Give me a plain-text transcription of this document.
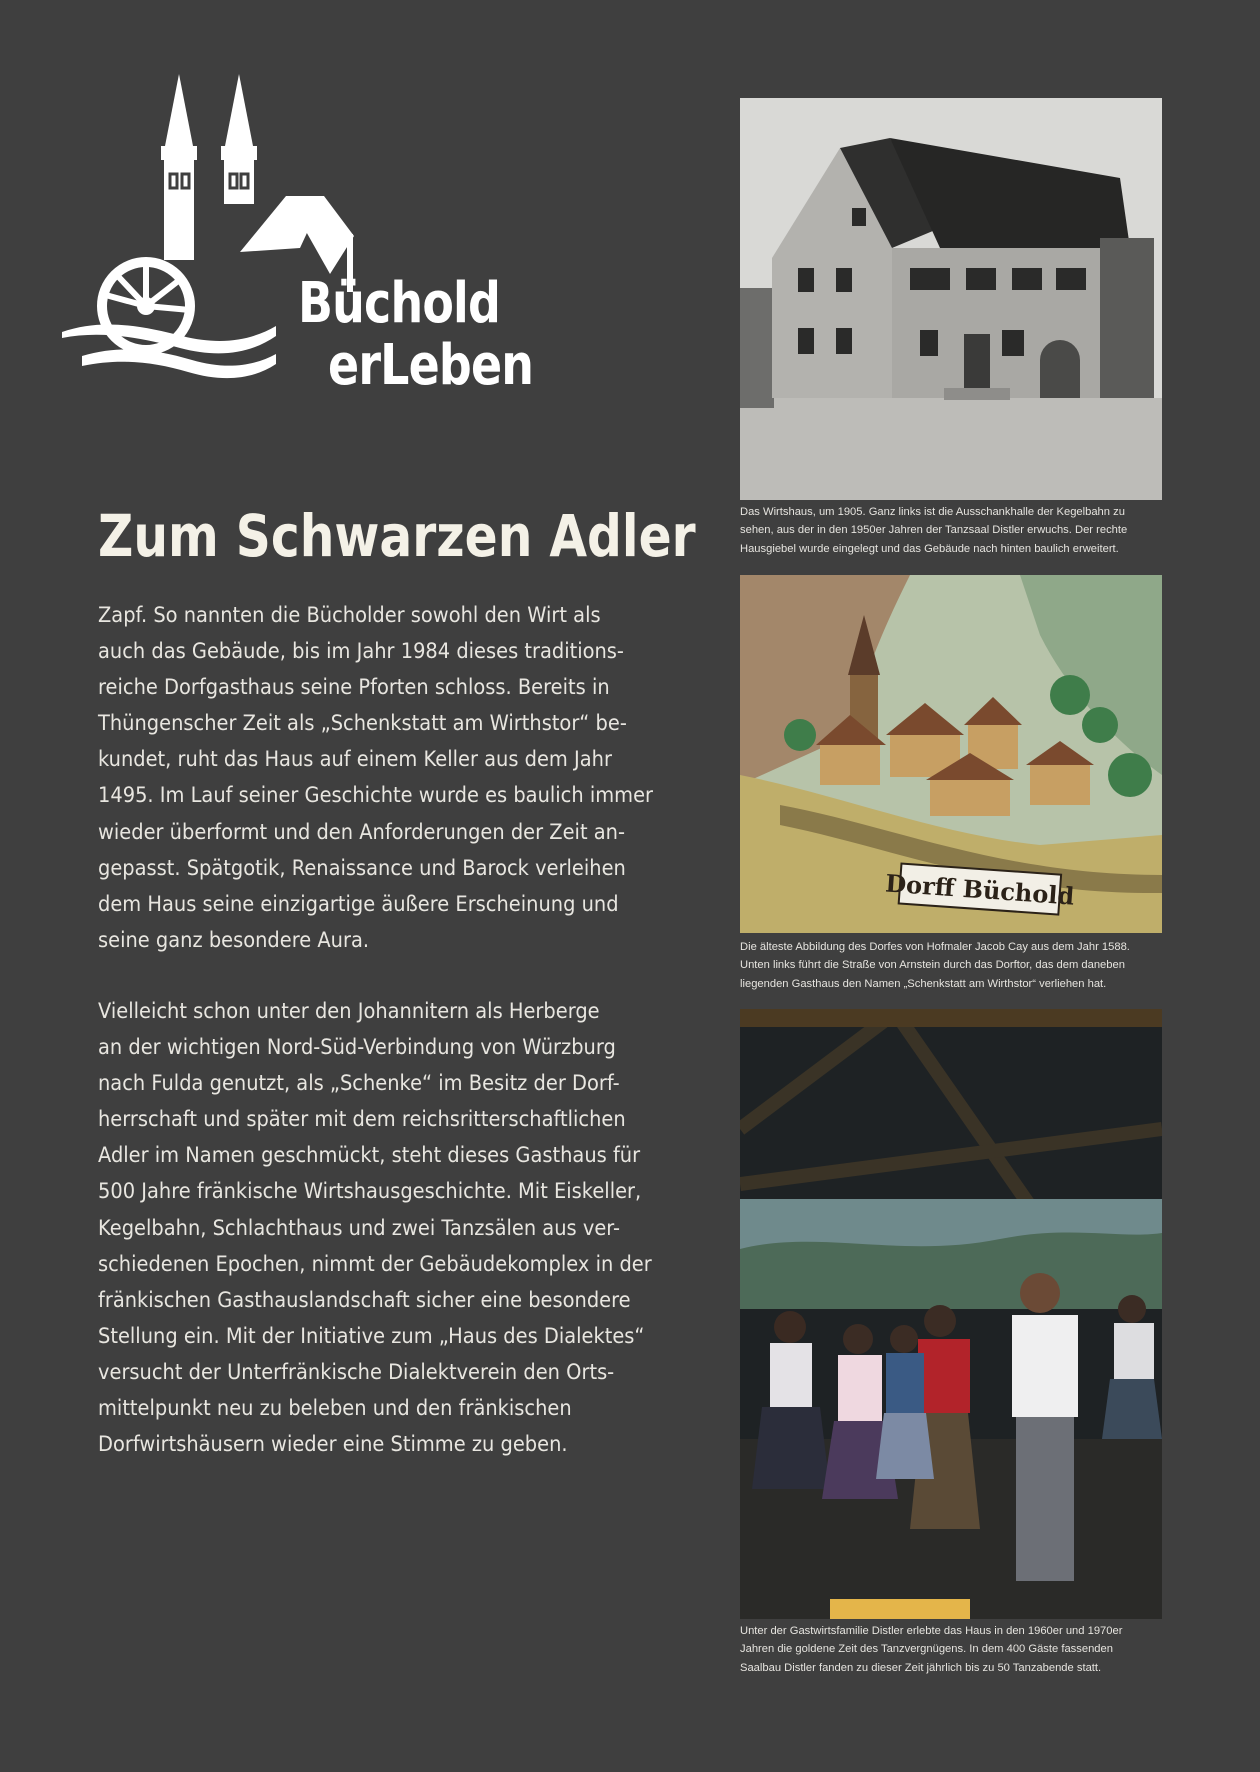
Büchold
erLeben
Zum Schwarzen Adler
Zapf. So nannten die Bücholder sowohl den Wirt als
auch das Gebäude, bis im Jahr 1984 dieses traditions-
reiche Dorfgasthaus seine Pforten schloss. Bereits in
Thüngenscher Zeit als „Schenkstatt am Wirthstor“ be-
kundet, ruht das Haus auf einem Keller aus dem Jahr
1495. Im Lauf seiner Geschichte wurde es baulich immer
wieder überformt und den Anforderungen der Zeit an-
gepasst. Spätgotik, Renaissance und Barock verleihen
dem Haus seine einzigartige äußere Erscheinung und
seine ganz besondere Aura.
Vielleicht schon unter den Johannitern als Herberge
an der wichtigen Nord-Süd-Verbindung von Würzburg
nach Fulda genutzt, als „Schenke“ im Besitz der Dorf-
herrschaft und später mit dem reichsritterschaftlichen
Adler im Namen geschmückt, steht dieses Gasthaus für
500 Jahre fränkische Wirtshausgeschichte. Mit Eiskeller,
Kegelbahn, Schlachthaus und zwei Tanzsälen aus ver-
schiedenen Epochen, nimmt der Gebäudekomplex in der
fränkischen Gasthauslandschaft sicher eine besondere
Stellung ein. Mit der Initiative zum „Haus des Dialektes“
versucht der Unterfränkische Dialektverein den Orts-
mittelpunkt neu zu beleben und den fränkischen
Dorfwirtshäusern wieder eine Stimme zu geben.

Das Wirtshaus, um 1905. Ganz links ist die Ausschankhalle der Kegelbahn zu
sehen, aus der in den 1950er Jahren der Tanzsaal Distler erwuchs. Der rechte
Hausgiebel wurde eingelegt und das Gebäude nach hinten baulich erweitert.

Dorff Büchold

Die älteste Abbildung des Dorfes von Hofmaler Jacob Cay aus dem Jahr 1588.
Unten links führt die Straße von Arnstein durch das Dorftor, das dem daneben
liegenden Gasthaus den Namen „Schenkstatt am Wirthstor“ verliehen hat.

Unter der Gastwirtsfamilie Distler erlebte das Haus in den 1960er und 1970er
Jahren die goldene Zeit des Tanzvergnügens. In dem 400 Gäste fassenden
Saalbau Distler fanden zu dieser Zeit jährlich bis zu 50 Tanzabende statt.
